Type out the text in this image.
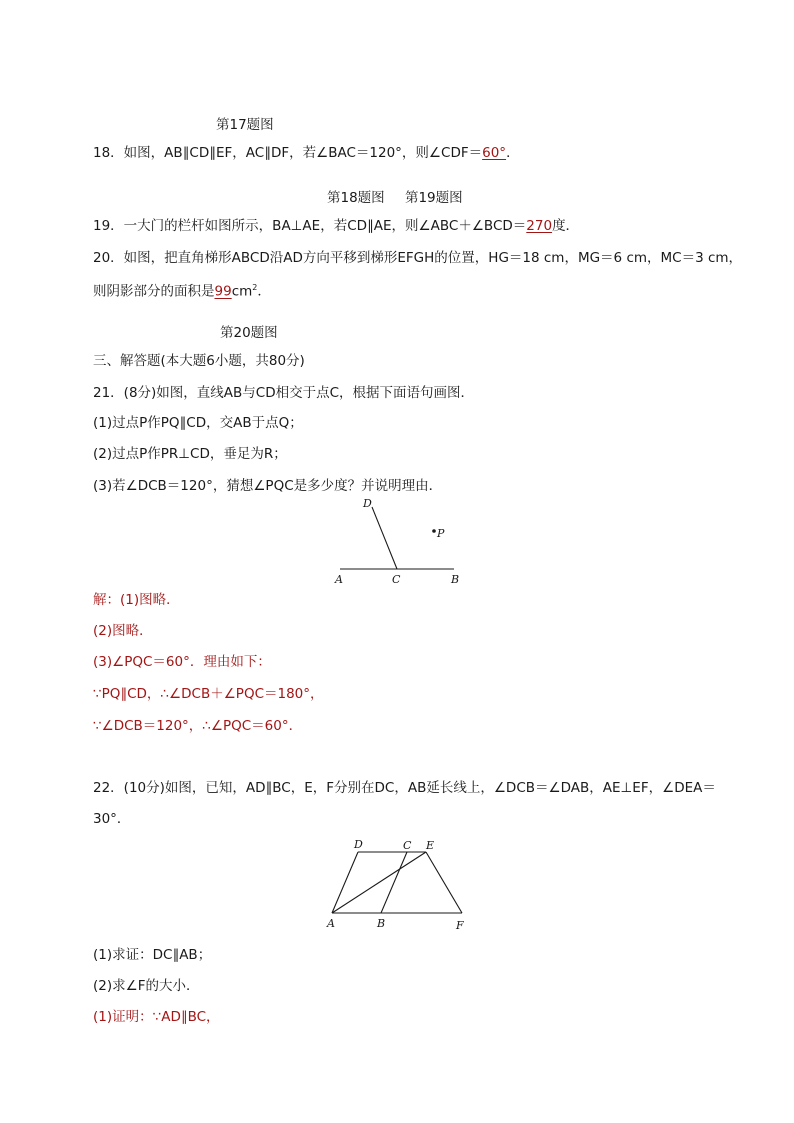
第17题图
18．如图，AB∥CD∥EF，AC∥DF，若∠BAC＝120°，则∠CDF＝60°．
第18题图 第19题图
19．一大门的栏杆如图所示，BA⊥AE，若CD∥AE，则∠ABC＋∠BCD＝270度．
20．如图，把直角梯形ABCD沿AD方向平移到梯形EFGH的位置，HG＝18 cm，MG＝6 cm，MC＝3 cm，
则阴影部分的面积是$99cm^2$．
第20题图
三、解答题(本大题6小题，共80分)
21．(8分)如图，直线AB与CD相交于点C，根据下面语句画图．
(1)过点P作PQ∥CD，交AB于点Q；
(2)过点P作PR⊥CD，垂足为R；
(3)若∠DCB＝120°，猜想∠PQC是多少度？并说明理由．
D
P
A	C	B
解：(1)图略．
(2)图略．
(3)∠PQC＝60°．理由如下：
∵PQ∥CD，∴∠DCB＋∠PQC＝180°，
∵∠DCB＝120°，∴∠PQC＝60°．
22．(10分)如图，已知，AD∥BC，E，F分别在DC，AB延长线上，∠DCB＝∠DAB，AE⊥EF，∠DEA＝
30°．
D	C E
A	B	F
(1)求证：DC∥AB；
(2)求∠F的大小．
(1)证明：∵AD∥BC，
